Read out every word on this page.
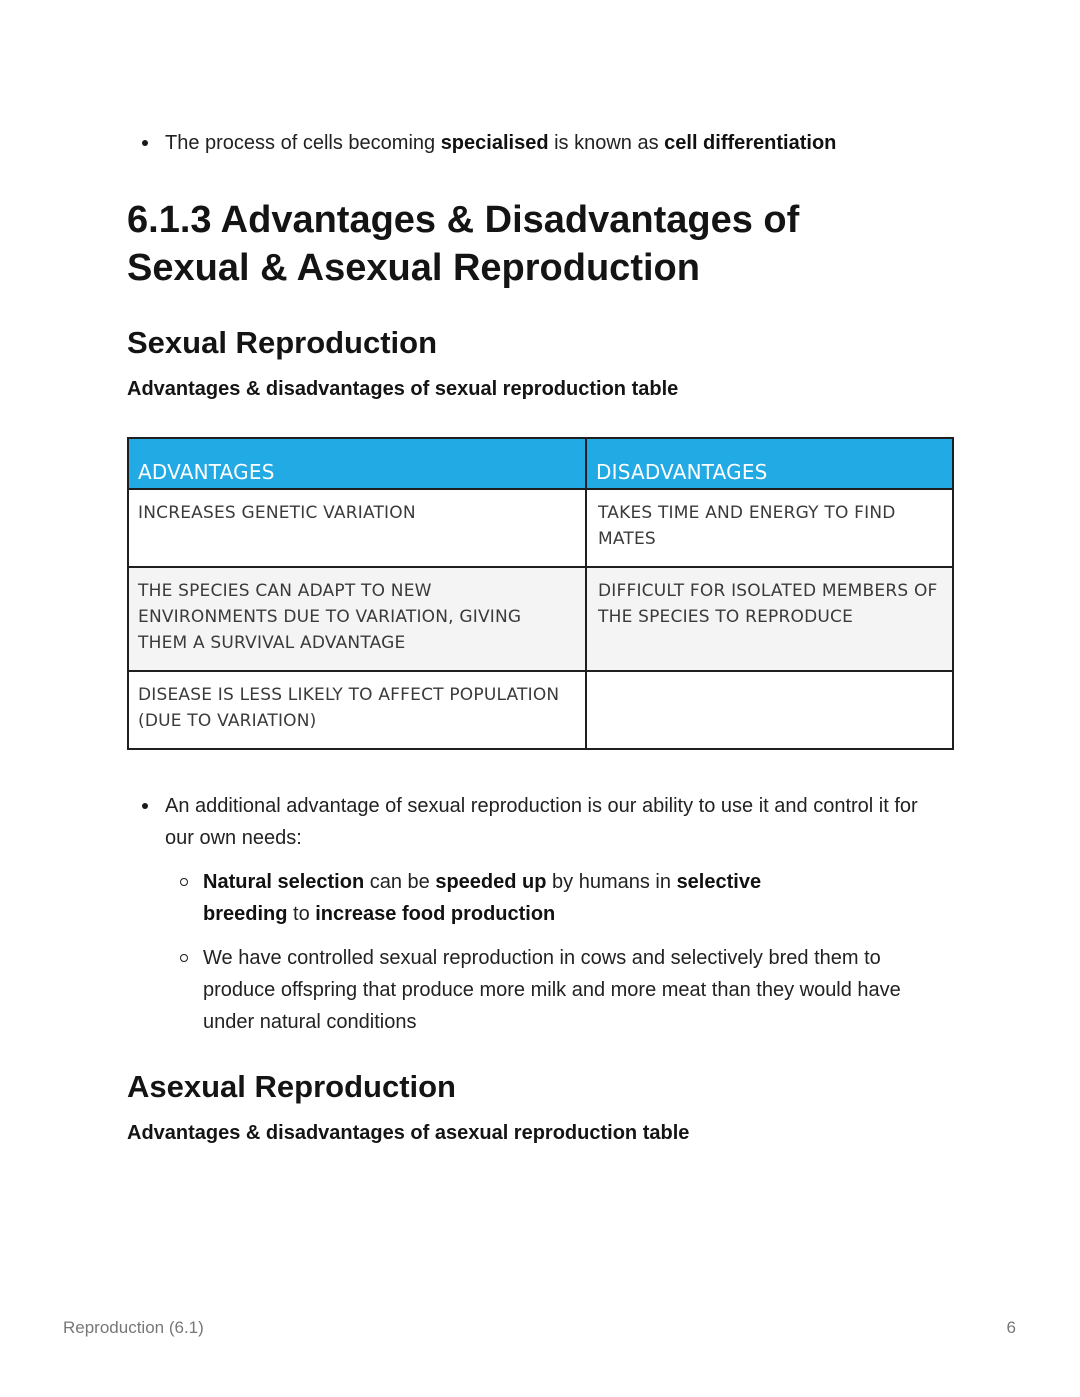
The process of cells becoming specialised is known as cell differentiation
6.1.3 Advantages & Disadvantages of
Sexual & Asexual Reproduction
Sexual Reproduction
Advantages & disadvantages of sexual reproduction table
ADVANTAGES	DISADVANTAGES
INCREASES GENETIC VARIATION	TAKES TIME AND ENERGY TO FIND MATES
THE SPECIES CAN ADAPT TO NEW ENVIRONMENTS DUE TO VARIATION, GIVING THEM A SURVIVAL ADVANTAGE	DIFFICULT FOR ISOLATED MEMBERS OF THE SPECIES TO REPRODUCE
DISEASE IS LESS LIKELY TO AFFECT POPULATION (DUE TO VARIATION)	
An additional advantage of sexual reproduction is our ability to use it and control it for our own needs:
Natural selection can be speeded up by humans in selective breeding to increase food production
We have controlled sexual reproduction in cows and selectively bred them to produce offspring that produce more milk and more meat than they would have under natural conditions
Asexual Reproduction
Advantages & disadvantages of asexual reproduction table
Reproduction (6.1)	6
